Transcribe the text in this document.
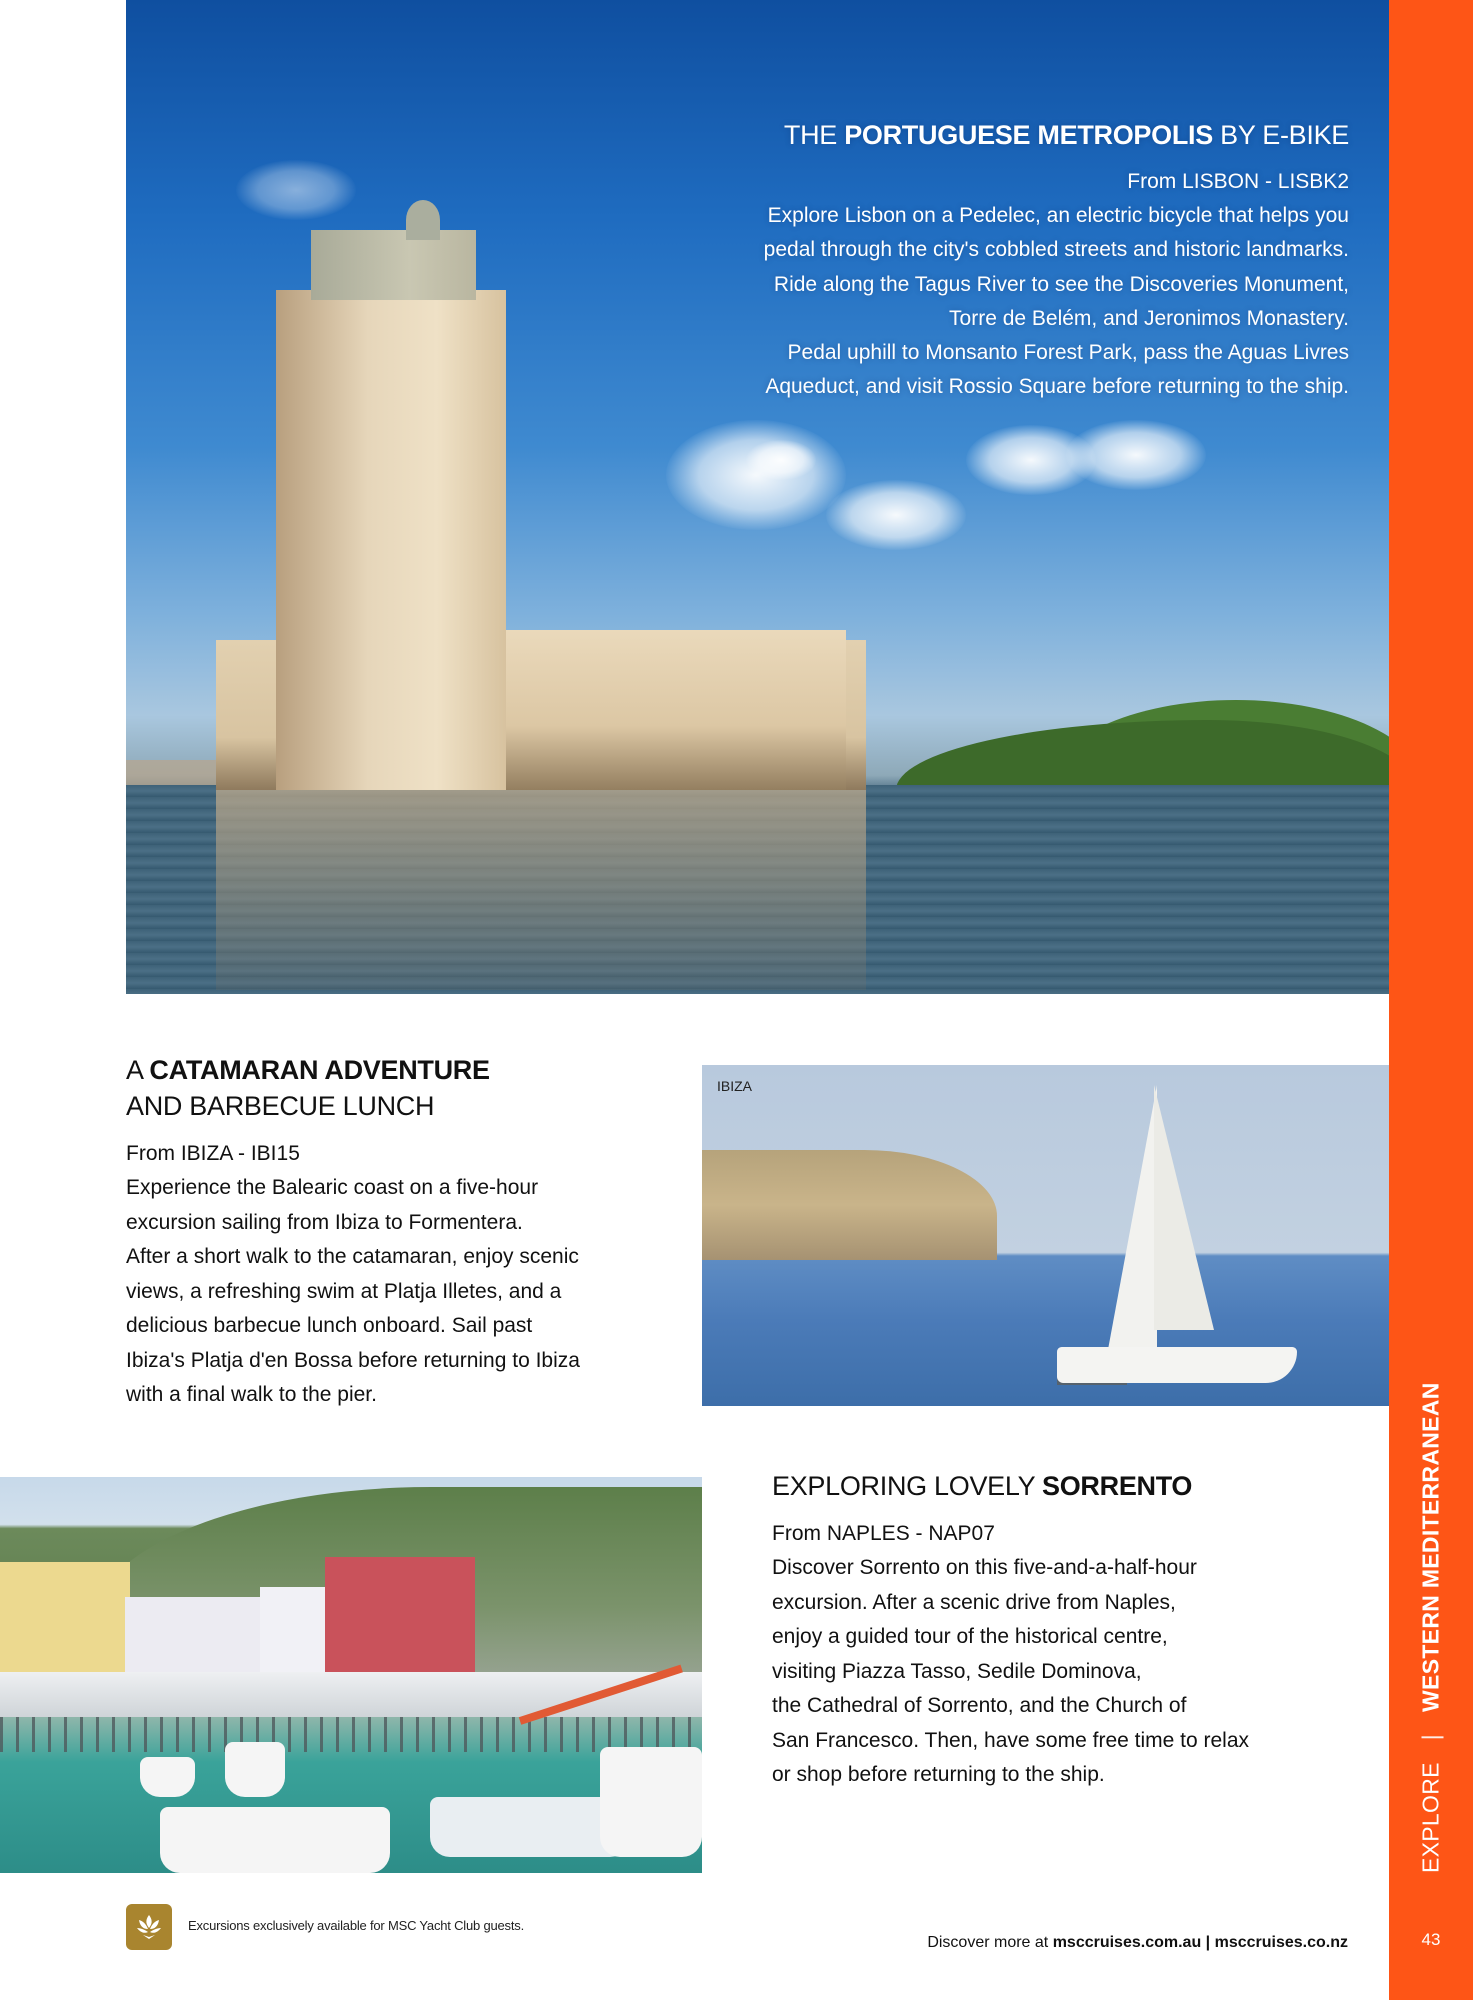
THE PORTUGUESE METROPOLIS BY E-BIKE
From LISBON - LISBK2
Explore Lisbon on a Pedelec, an electric bicycle that helps you
pedal through the city's cobbled streets and historic landmarks.
Ride along the Tagus River to see the Discoveries Monument,
Torre de Belém, and Jeronimos Monastery.
Pedal uphill to Monsanto Forest Park, pass the Aguas Livres
Aqueduct, and visit Rossio Square before returning to the ship.
A CATAMARAN ADVENTURE
AND BARBECUE LUNCH
From IBIZA - IBI15
Experience the Balearic coast on a five-hour
excursion sailing from Ibiza to Formentera.
After a short walk to the catamaran, enjoy scenic
views, a refreshing swim at Platja Illetes, and a
delicious barbecue lunch onboard. Sail past
Ibiza's Platja d'en Bossa before returning to Ibiza
with a final walk to the pier.
IBIZA
EXPLORING LOVELY SORRENTO
From NAPLES - NAP07
Discover Sorrento on this five-and-a-half-hour
excursion. After a scenic drive from Naples,
enjoy a guided tour of the historical centre,
visiting Piazza Tasso, Sedile Dominova,
the Cathedral of Sorrento, and the Church of
San Francesco. Then, have some free time to relax
or shop before returning to the ship.
Excursions exclusively available for MSC Yacht Club guests.
Discover more at msccruises.com.au | msccruises.co.nz
EXPLORE
|
WESTERN MEDITERRANEAN
43
